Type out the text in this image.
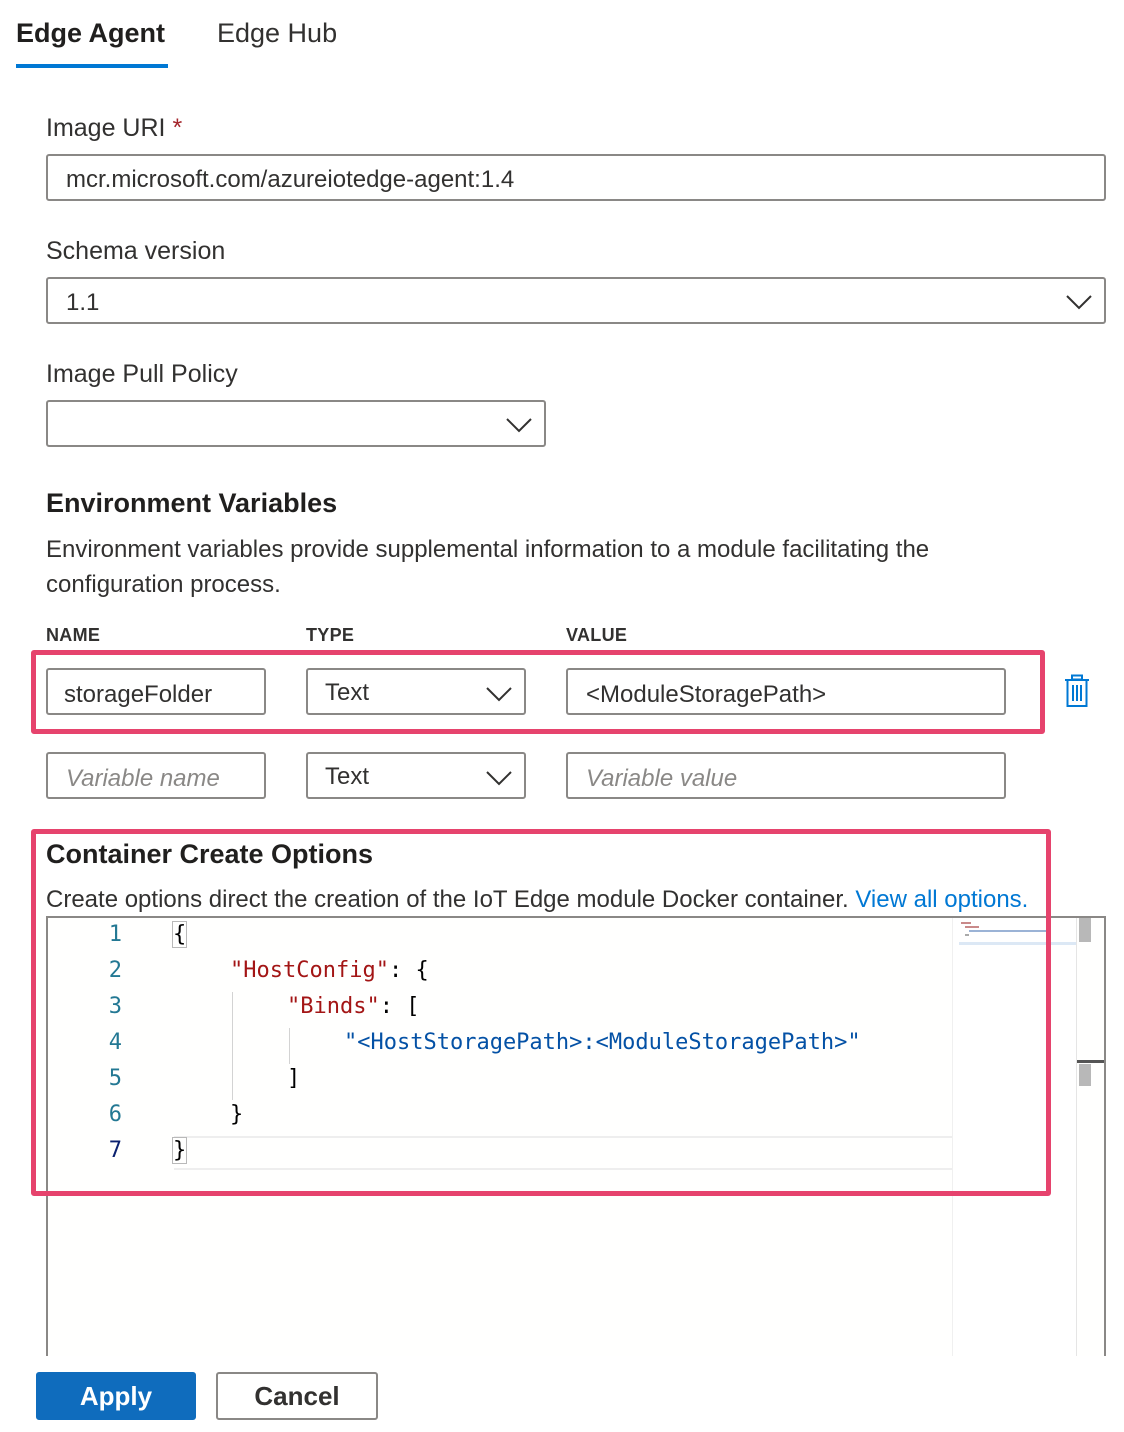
Edge Agent Edge Hub
Image URI *
mcr.microsoft.com/azureiotedge-agent:1.4
Schema version
1.1
Image Pull Policy
Environment Variables
Environment variables provide supplemental information to a module facilitating the
configuration process.
NAME	TYPE	VALUE
storageFolder	Text	<ModuleStoragePath>
Variable name	Text	Variable value
Container Create Options
Create options direct the creation of the IoT Edge module Docker container. View all options.
1
2
3
4
5
6
7
{
"HostConfig": {
"Binds": [
"<HostStoragePath>:<ModuleStoragePath>"
]
}
}
Apply	Cancel
